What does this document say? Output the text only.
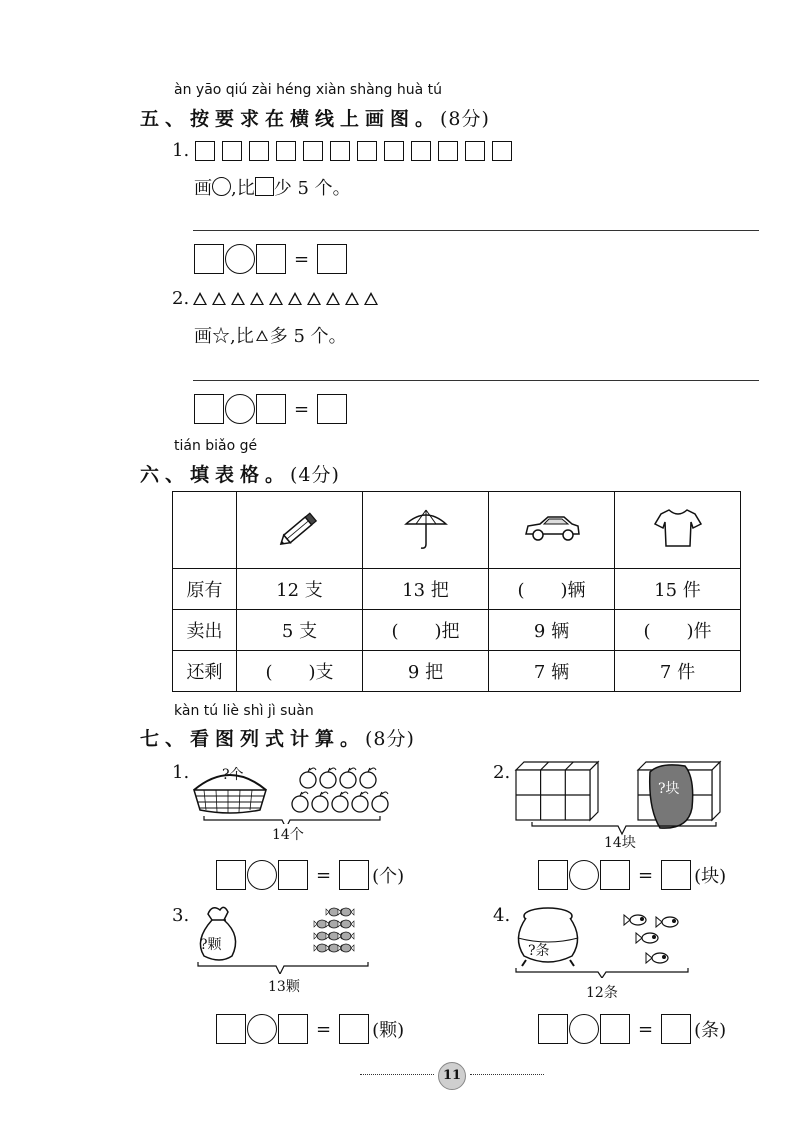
àn yāo qiú zài héng xiàn shàng huà tú
五、按要求在横线上画图。(8分)
1.
画 ,比 少 5 个。
=
2.
画☆,比 多 5 个。
=
tián biǎo gé
六、填表格。(4分)

原有	12 支	13 把	(　　)辆	15 件
卖出	5 支	(　　)把	9 辆	(　　)件
还剩	(　　)支	9 把	7 辆	7 件
kàn tú liè shì jì suàn
七、看图列式计算。(8分)
1. ?个
14个
2.
?块
14块
= (个)	= (块)
3.
?颗
13颗
4.
?条
12条
= (颗)	= (条)
11
